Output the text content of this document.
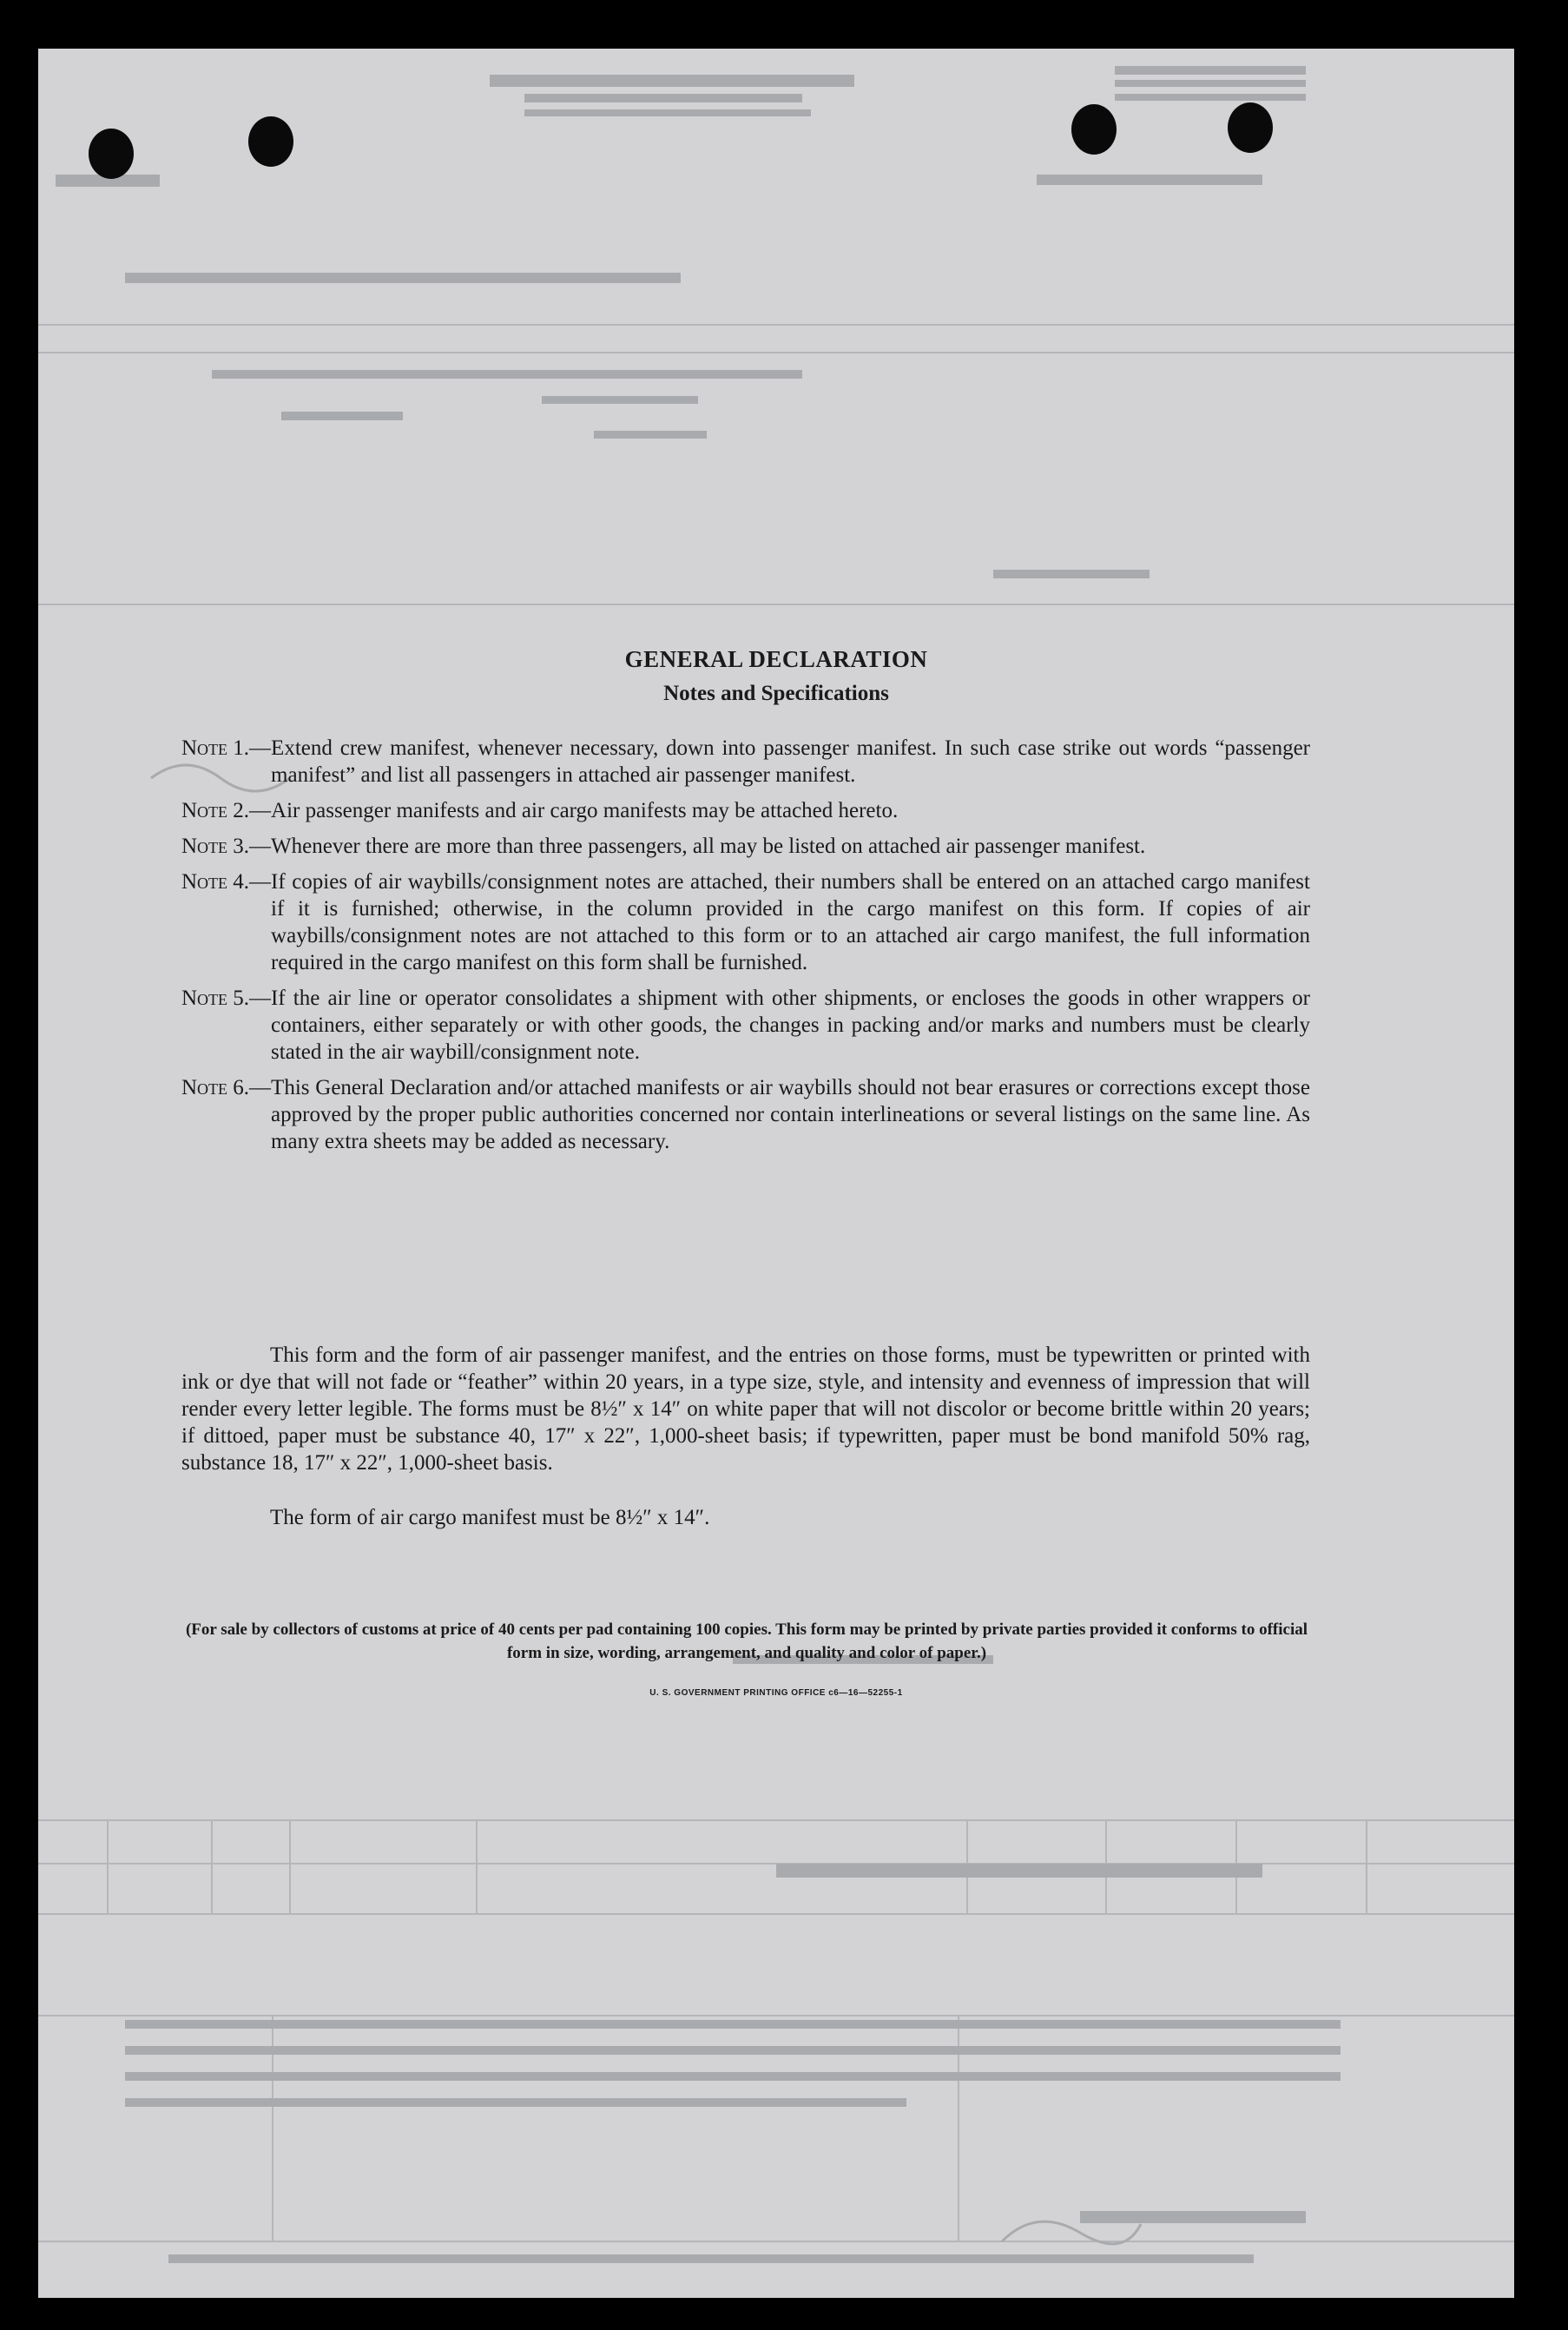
GENERAL DECLARATION
Notes and Specifications
Note 1. — Extend crew manifest, whenever necessary, down into passenger manifest. In such case strike out words “passenger manifest” and list all passengers in attached air passenger manifest.
Note 2. — Air passenger manifests and air cargo manifests may be attached hereto.
Note 3. — Whenever there are more than three passengers, all may be listed on attached air passenger manifest.
Note 4. — If copies of air waybills/consignment notes are attached, their numbers shall be entered on an attached cargo manifest if it is furnished; otherwise, in the column provided in the cargo manifest on this form. If copies of air waybills/consignment notes are not attached to this form or to an attached air cargo manifest, the full information required in the cargo manifest on this form shall be furnished.
Note 5. — If the air line or operator consolidates a shipment with other shipments, or encloses the goods in other wrappers or containers, either separately or with other goods, the changes in packing and/or marks and numbers must be clearly stated in the air waybill/consignment note.
Note 6. — This General Declaration and/or attached manifests or air waybills should not bear erasures or corrections except those approved by the proper public authorities concerned nor contain interlineations or several listings on the same line. As many extra sheets may be added as necessary.
This form and the form of air passenger manifest, and the entries on those forms, must be typewritten or printed with ink or dye that will not fade or “feather” within 20 years, in a type size, style, and intensity and evenness of impression that will render every letter legible. The forms must be 8½″ x 14″ on white paper that will not discolor or become brittle within 20 years; if dittoed, paper must be substance 40, 17″ x 22″, 1,000-sheet basis; if typewritten, paper must be bond manifold 50% rag, substance 18, 17″ x 22″, 1,000-sheet basis.
The form of air cargo manifest must be 8½″ x 14″.
(For sale by collectors of customs at price of 40 cents per pad containing 100 copies. This form may be printed by private parties provided it conforms to official form in size, wording, arrangement, and quality and color of paper.)
U. S. GOVERNMENT PRINTING OFFICE c6—16—52255-1
